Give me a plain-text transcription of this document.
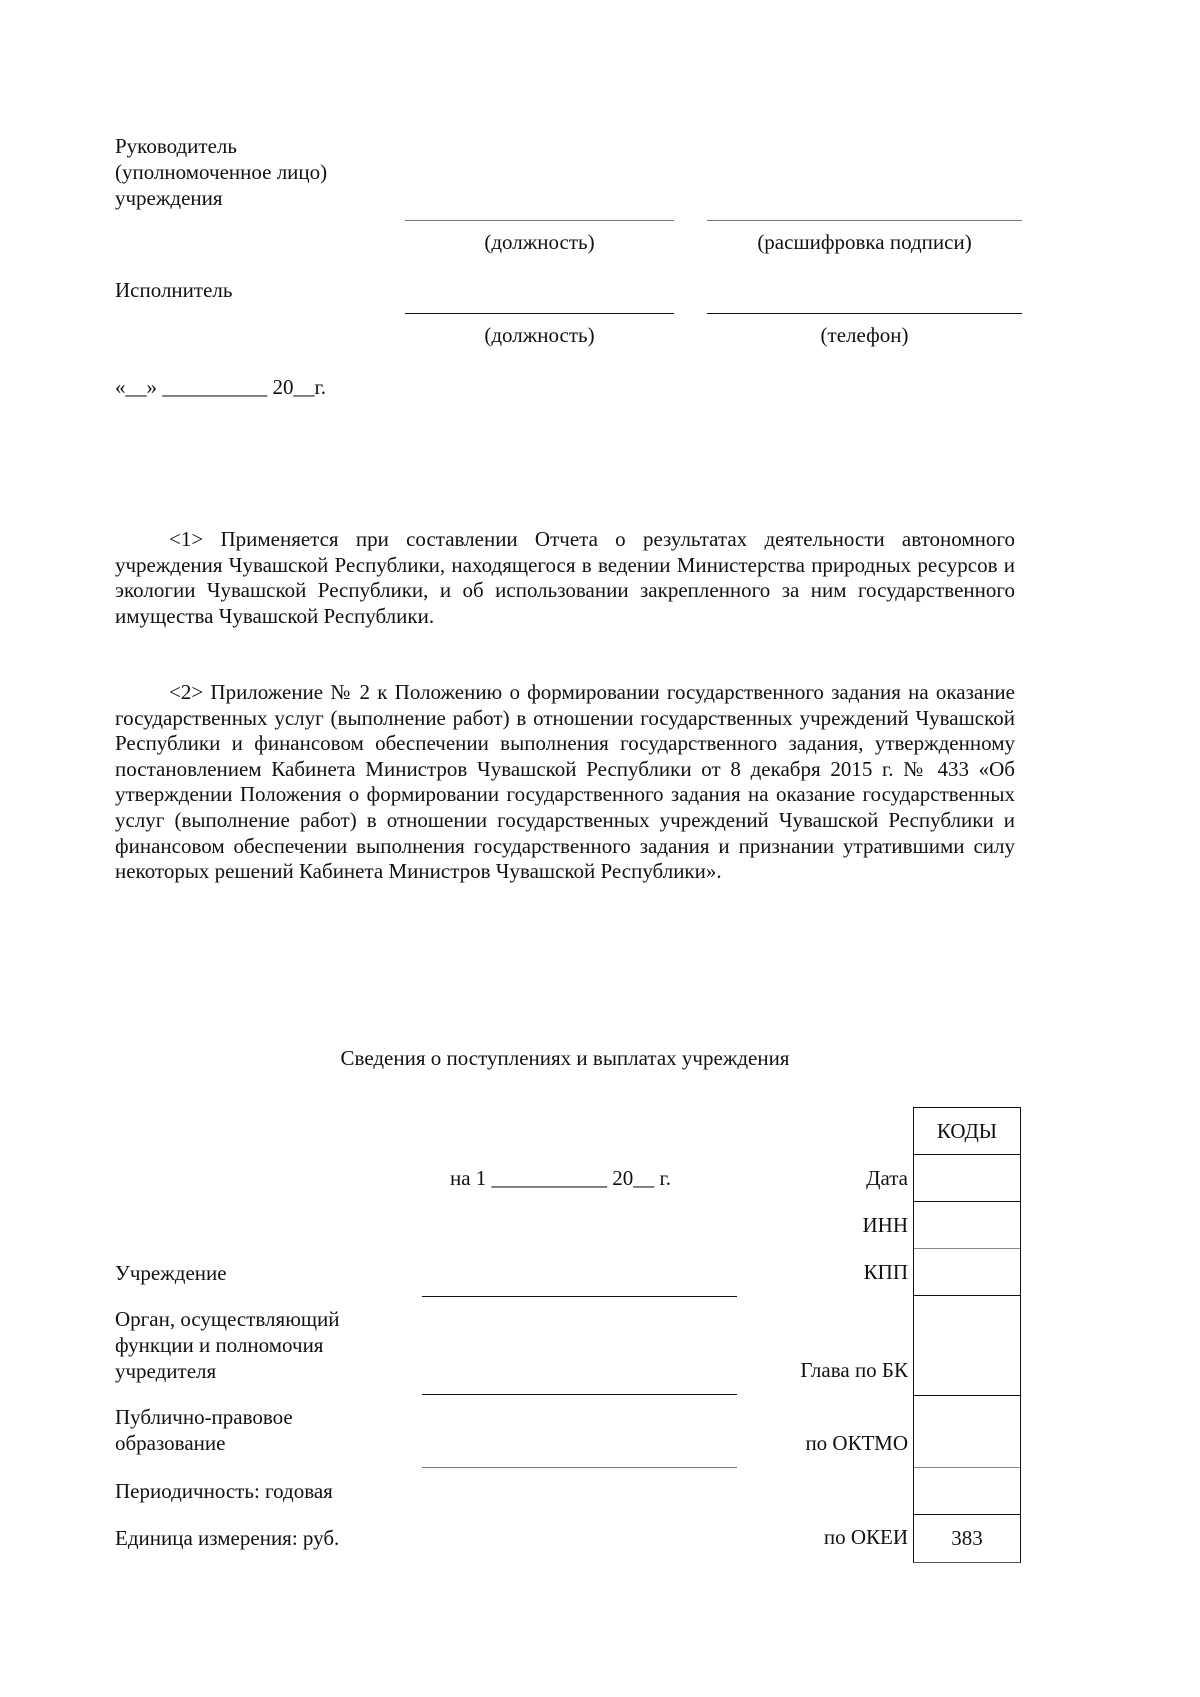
Руководитель
(уполномоченное лицо)
учреждения
(должность)	(расшифровка подписи)
Исполнитель
(должность)	(телефон)
«__» __________ 20__г.

<1> Применяется при составлении Отчета о результатах деятельности автономного учреждения Чувашской Республики, находящегося в ведении Министерства природных ресурсов и экологии Чувашской Республики, и об использовании закрепленного за ним государственного имущества Чувашской Республики.

<2> Приложение № 2 к Положению о формировании государственного задания на оказание государственных услуг (выполнение работ) в отношении государственных учреждений Чувашской Республики и финансовом обеспечении выполнения государственного задания, утвержденному постановлением Кабинета Министров Чувашской Республики от 8 декабря 2015 г. № 433 «Об утверждении Положения о формировании государственного задания на оказание государственных услуг (выполнение работ) в отношении государственных учреждений Чувашской Республики и финансовом обеспечении выполнения государственного задания и признании утратившими силу некоторых решений Кабинета Министров Чувашской Республики».

Сведения о поступлениях и выплатах учреждения
на 1 ___________ 20__ г.
КОДЫ
383
Дата
ИНН
КПП
Глава по БК
по ОКТМО
по ОКЕИ
Учреждение
Орган, осуществляющий
функции и полномочия
учредителя
Публично-правовое
образование
Периодичность: годовая
Единица измерения: руб.
